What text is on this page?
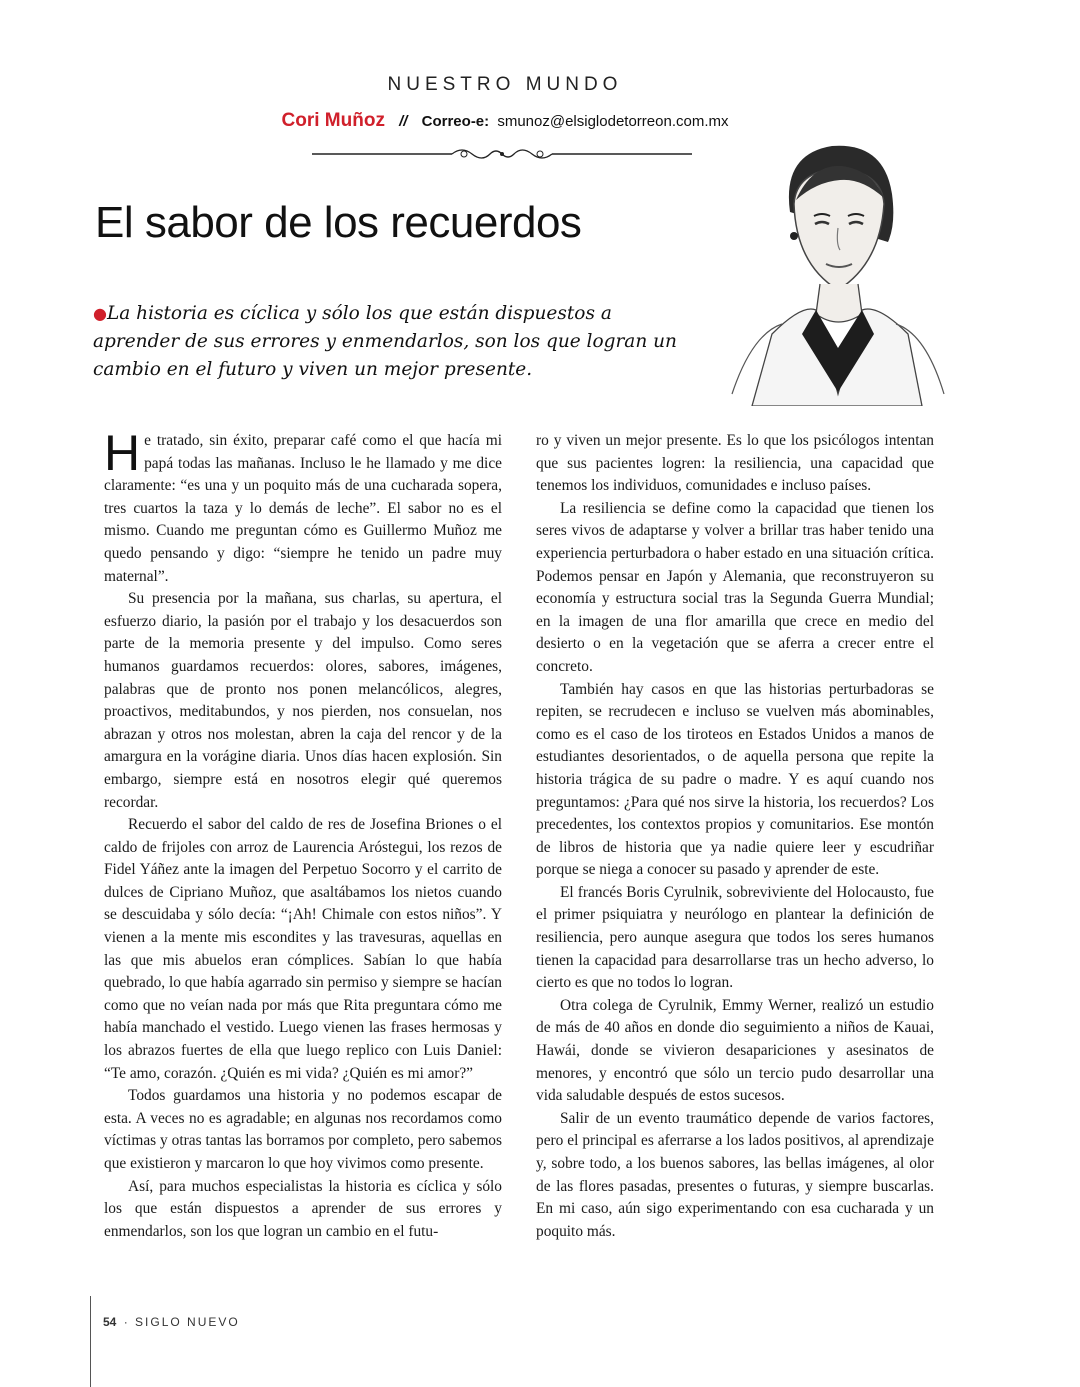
NUESTRO MUNDO
Cori Muñoz // Correo-e: smunoz@elsiglodetorreon.com.mx
El sabor de los recuerdos

●La historia es cíclica y sólo los que están dispuestos a aprender de sus errores y enmendarlos, son los que logran un cambio en el futuro y viven un mejor presente.

He tratado, sin éxito, preparar café como el que hacía mi papá todas las mañanas. Incluso le he llamado y me dice claramente: “es una y un poquito más de una cucharada sopera, tres cuartos la taza y lo demás de leche”. El sabor no es el mismo. Cuando me preguntan cómo es Guillermo Muñoz me quedo pensando y digo: “siempre he tenido un padre muy maternal”.

Su presencia por la mañana, sus charlas, su apertura, el esfuerzo diario, la pasión por el trabajo y los desacuerdos son parte de la memoria presente y del impulso. Como seres humanos guardamos recuerdos: olores, sabores, imágenes, palabras que de pronto nos ponen melancólicos, alegres, proactivos, meditabundos, y nos pierden, nos consuelan, nos abrazan y otros nos molestan, abren la caja del rencor y de la amargura en la vorágine diaria. Unos días hacen explosión. Sin embargo, siempre está en nosotros elegir qué queremos recordar.

Recuerdo el sabor del caldo de res de Josefina Briones o el caldo de frijoles con arroz de Laurencia Aróstegui, los rezos de Fidel Yáñez ante la imagen del Perpetuo Socorro y el carrito de dulces de Cipriano Muñoz, que asaltábamos los nietos cuando se descuidaba y sólo decía: “¡Ah! Chimale con estos niños”. Y vienen a la mente mis escondites y las travesuras, aquellas en las que mis abuelos eran cómplices. Sabían lo que había quebrado, lo que había agarrado sin permiso y siempre se hacían como que no veían nada por más que Rita preguntara cómo me había manchado el vestido. Luego vienen las frases hermosas y los abrazos fuertes de ella que luego replico con Luis Daniel: “Te amo, corazón. ¿Quién es mi vida? ¿Quién es mi amor?”

Todos guardamos una historia y no podemos escapar de esta. A veces no es agradable; en algunas nos recordamos como víctimas y otras tantas las borramos por completo, pero sabemos que existieron y marcaron lo que hoy vivimos como presente.

Así, para muchos especialistas la historia es cíclica y sólo los que están dispuestos a aprender de sus errores y enmendarlos, son los que logran un cambio en el futu-

ro y viven un mejor presente. Es lo que los psicólogos intentan que sus pacientes logren: la resiliencia, una capacidad que tenemos los individuos, comunidades e incluso países.

La resiliencia se define como la capacidad que tienen los seres vivos de adaptarse y volver a brillar tras haber tenido una experiencia perturbadora o haber estado en una situación crítica. Podemos pensar en Japón y Alemania, que reconstruyeron su economía y estructura social tras la Segunda Guerra Mundial; en la imagen de una flor amarilla que crece en medio del desierto o en la vegetación que se aferra a crecer entre el concreto.

También hay casos en que las historias perturbadoras se repiten, se recrudecen e incluso se vuelven más abominables, como es el caso de los tiroteos en Estados Unidos a manos de estudiantes desorientados, o de aquella persona que repite la historia trágica de su padre o madre. Y es aquí cuando nos preguntamos: ¿Para qué nos sirve la historia, los recuerdos? Los precedentes, los contextos propios y comunitarios. Ese montón de libros de historia que ya nadie quiere leer y escudriñar porque se niega a conocer su pasado y aprender de este.

El francés Boris Cyrulnik, sobreviviente del Holocausto, fue el primer psiquiatra y neurólogo en plantear la definición de resiliencia, pero aunque asegura que todos los seres humanos tienen la capacidad para desarrollarse tras un hecho adverso, lo cierto es que no todos lo logran.

Otra colega de Cyrulnik, Emmy Werner, realizó un estudio de más de 40 años en donde dio seguimiento a niños de Kauai, Hawái, donde se vivieron desapariciones y asesinatos de menores, y encontró que sólo un tercio pudo desarrollar una vida saludable después de estos sucesos.

Salir de un evento traumático depende de varios factores, pero el principal es aferrarse a los lados positivos, al aprendizaje y, sobre todo, a los buenos sabores, las bellas imágenes, al olor de las flores pasadas, presentes o futuras, y siempre buscarlas. En mi caso, aún sigo experimentando con esa cucharada y un poquito más.

54 · SIGLO NUEVO
